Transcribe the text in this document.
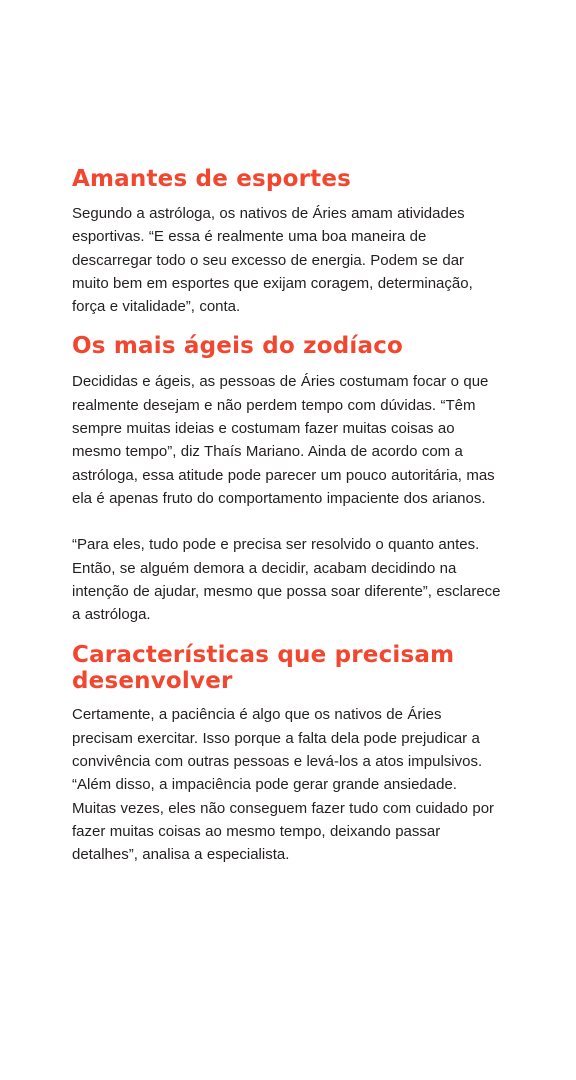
Amantes de esportes

Segundo a astróloga, os nativos de Áries amam atividades esportivas. “E essa é realmente uma boa maneira de descarregar todo o seu excesso de energia. Podem se dar muito bem em esportes que exijam coragem, determinação, força e vitalidade”, conta.

Os mais ágeis do zodíaco

Decididas e ágeis, as pessoas de Áries costumam focar o que realmente desejam e não perdem tempo com dúvidas. “Têm sempre muitas ideias e costumam fazer muitas coisas ao mesmo tempo”, diz Thaís Mariano. Ainda de acordo com a astróloga, essa atitude pode parecer um pouco autoritária, mas ela é apenas fruto do comportamento impaciente dos arianos.

“Para eles, tudo pode e precisa ser resolvido o quanto antes. Então, se alguém demora a decidir, acabam decidindo na intenção de ajudar, mesmo que possa soar diferente”, esclarece a astróloga.

Características que precisam desenvolver

Certamente, a paciência é algo que os nativos de Áries precisam exercitar. Isso porque a falta dela pode prejudicar a convivência com outras pessoas e levá-los a atos impulsivos. “Além disso, a impaciência pode gerar grande ansiedade. Muitas vezes, eles não conseguem fazer tudo com cuidado por fazer muitas coisas ao mesmo tempo, deixando passar detalhes”, analisa a especialista.
